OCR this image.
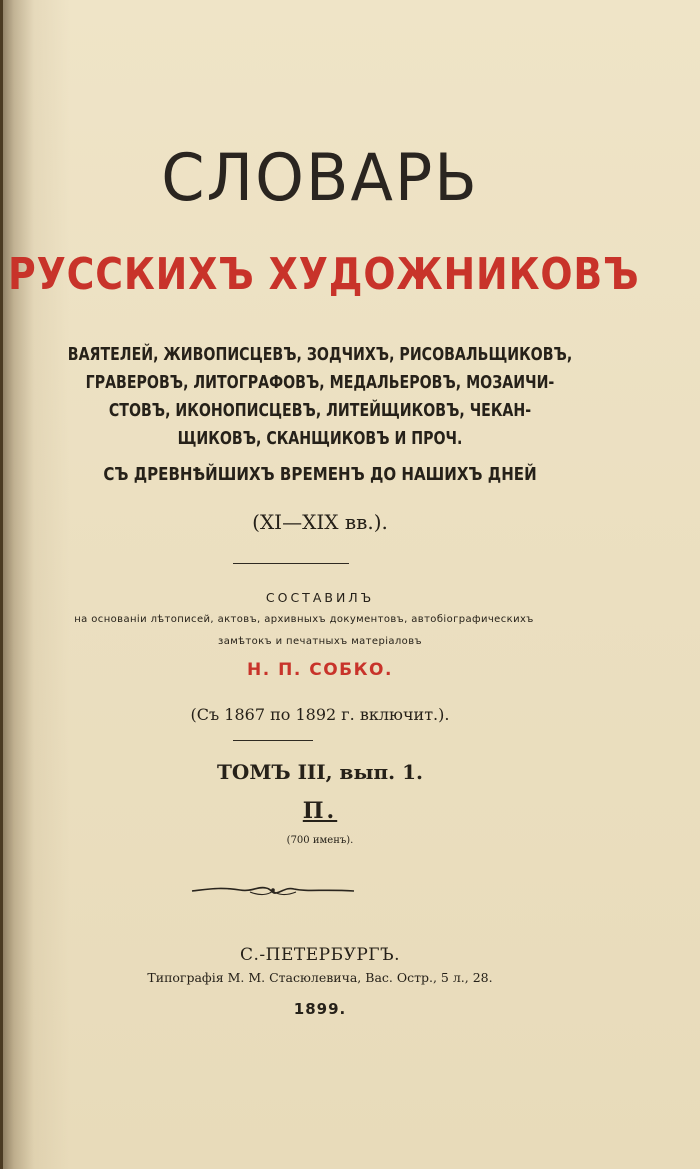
СЛОВАРЬ
РУССКИХЪ ХУДОЖНИКОВЪ

ВАЯТЕЛЕЙ, ЖИВОПИСЦЕВЪ, ЗОДЧИХЪ, РИСОВАЛЬЩИКОВЪ,

ГРАВЕРОВЪ, ЛИТОГРАФОВЪ, МЕДАЛЬЕРОВЪ, МОЗАИЧИ-

СТОВЪ, ИКОНОПИСЦЕВЪ, ЛИТЕЙЩИКОВЪ, ЧЕКАН-

ЩИКОВЪ, СКАНЩИКОВЪ И ПРОЧ.

СЪ ДРЕВНѢЙШИХЪ ВРЕМЕНЪ ДО НАШИХЪ ДНЕЙ

(XI—XIX вв.).

СОСТАВИЛЪ

на основаніи лѣтописей, актовъ, архивныхъ документовъ, автобіографическихъ

замѣтокъ и печатныхъ матеріаловъ

Н. П. СОБКО.

(Съ 1867 по 1892 г. включит.).

ТОМЪ III, вып. 1.

П.

(700 именъ).

С.-ПЕТЕРБУРГЪ.

Типографія М. М. Стасюлевича, Вас. Остр., 5 л., 28.

1899.
